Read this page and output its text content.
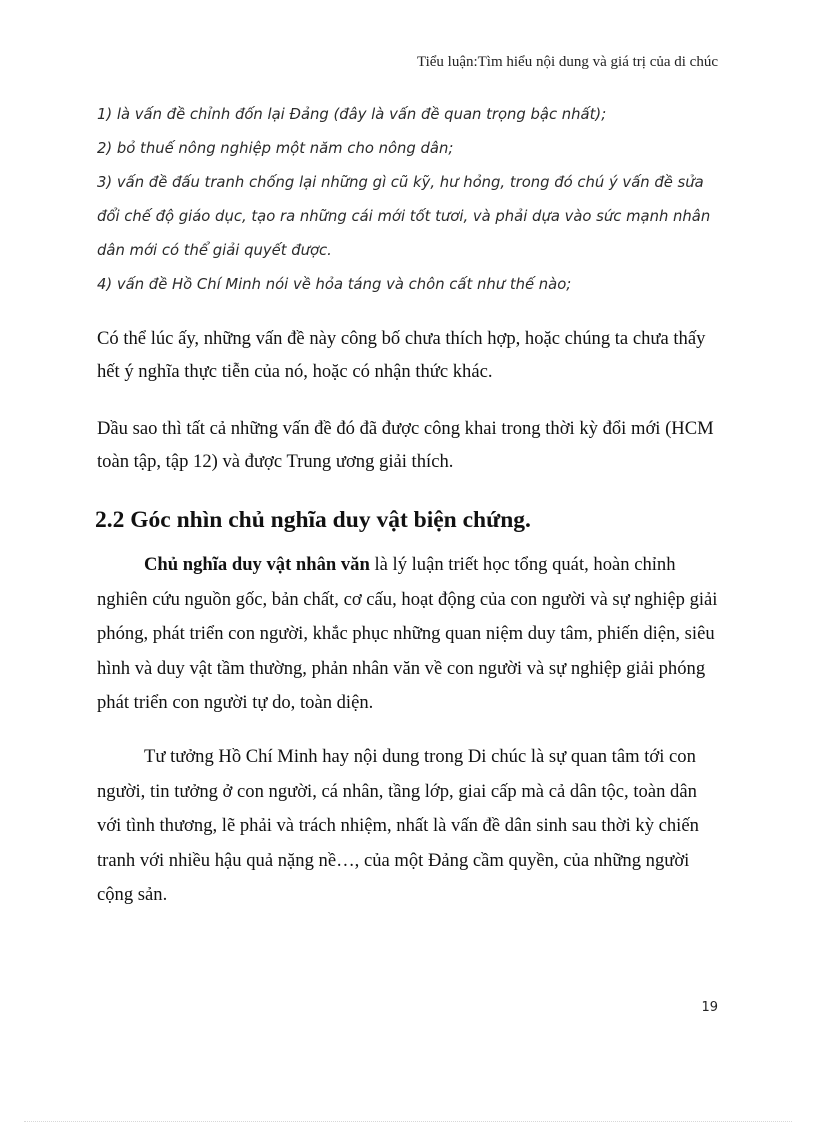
Tiểu luận:Tìm hiểu nội dung và giá trị của di chúc
1) là vấn đề chỉnh đốn lại Đảng (đây là vấn đề quan trọng bậc nhất);
2) bỏ thuế nông nghiệp một năm cho nông dân;
3) vấn đề đấu tranh chống lại những gì cũ kỹ, hư hỏng, trong đó chú ý vấn đề sửa
đổi chế độ giáo dục, tạo ra những cái mới tốt tươi, và phải dựa vào sức mạnh nhân
dân mới có thể giải quyết được.
4) vấn đề Hồ Chí Minh nói về hỏa táng và chôn cất như thế nào;
Có thể lúc ấy, những vấn đề này công bố chưa thích hợp, hoặc chúng ta chưa thấy
hết ý nghĩa thực tiễn của nó, hoặc có nhận thức khác.
Dầu sao thì tất cả những vấn đề đó đã được công khai trong thời kỳ đổi mới (HCM
toàn tập, tập 12) và được Trung ương giải thích.
2.2 Góc nhìn chủ nghĩa duy vật biện chứng.
Chủ nghĩa duy vật nhân văn là lý luận triết học tổng quát, hoàn chỉnh
nghiên cứu nguồn gốc, bản chất, cơ cấu, hoạt động của con người và sự nghiệp giải
phóng, phát triển con người, khắc phục những quan niệm duy tâm, phiến diện, siêu
hình và duy vật tầm thường, phản nhân văn về con người và sự nghiệp giải phóng
phát triển con người tự do, toàn diện.
Tư tưởng Hồ Chí Minh hay nội dung trong Di chúc là sự quan tâm tới con
người, tin tưởng ở con người, cá nhân, tầng lớp, giai cấp mà cả dân tộc, toàn dân
với tình thương, lẽ phải và trách nhiệm, nhất là vấn đề dân sinh sau thời kỳ chiến
tranh với nhiều hậu quả nặng nề…, của một Đảng cầm quyền, của những người
cộng sản.
19
